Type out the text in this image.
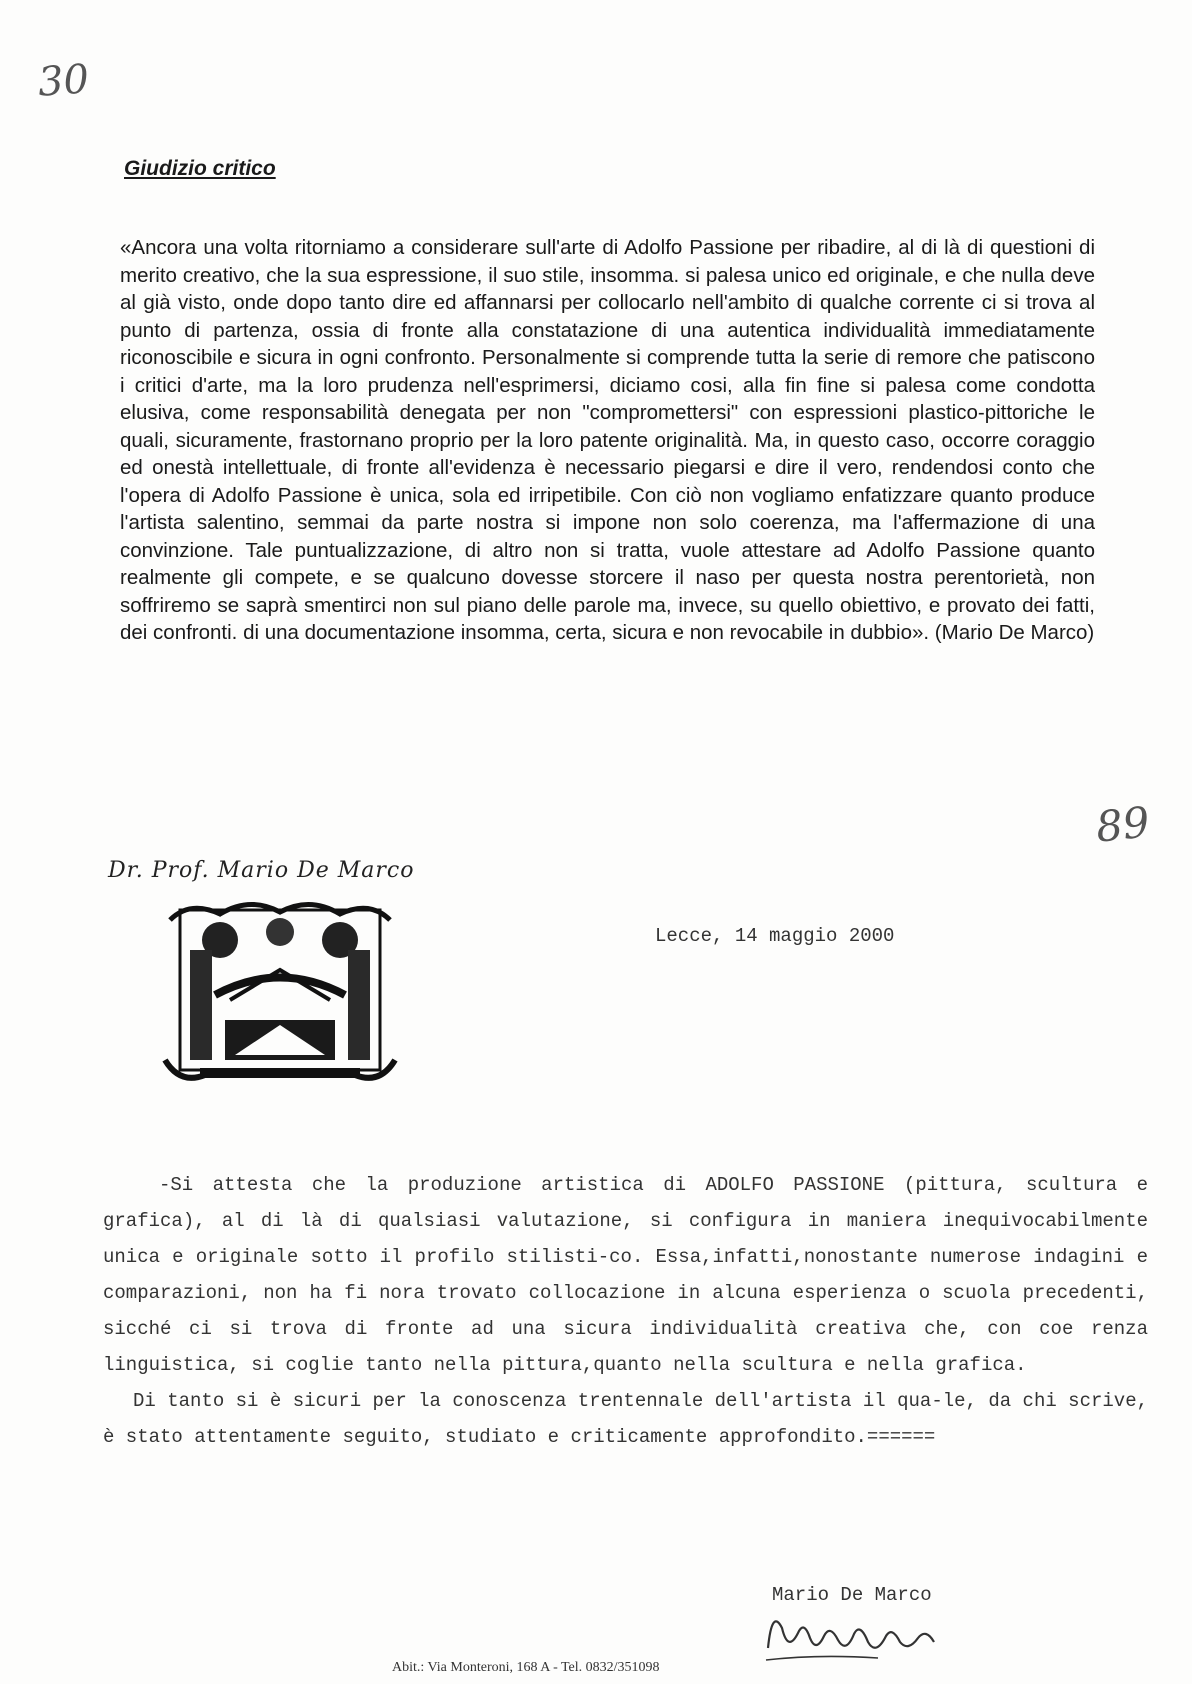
30
89
Giudizio critico

«Ancora una volta ritorniamo a considerare sull'arte di Adolfo Passione per ribadire, al di là di questioni di merito creativo, che la sua espressione, il suo stile, insomma. si palesa unico ed originale, e che nulla deve al già visto, onde dopo tanto dire ed affannarsi per collocarlo nell'ambito di qualche corrente ci si trova al punto di partenza, ossia di fronte alla constatazione di una autentica individualità immediatamente riconoscibile e sicura in ogni confronto. Personalmente si comprende tutta la serie di remore che patiscono i critici d'arte, ma la loro prudenza nell'esprimersi, diciamo cosi, alla fin fine si palesa come condotta elusiva, come responsabilità denegata per non "compromettersi" con espressioni plastico-pittoriche le quali, sicuramente, frastornano proprio per la loro patente originalità. Ma, in questo caso, occorre coraggio ed onestà intellettuale, di fronte all'evidenza è necessario piegarsi e dire il vero, rendendosi conto che l'opera di Adolfo Passione è unica, sola ed irripetibile. Con ciò non vogliamo enfatizzare quanto produce l'artista salentino, semmai da parte nostra si impone non solo coerenza, ma l'affermazione di una convinzione. Tale puntualizzazione, di altro non si tratta, vuole attestare ad Adolfo Passione quanto realmente gli compete, e se qualcuno dovesse storcere il naso per questa nostra perentorietà, non soffriremo se saprà smentirci non sul piano delle parole ma, invece, su quello obiettivo, e provato dei fatti, dei confronti. di una documentazione insomma, certa, sicura e non revocabile in dubbio». (Mario De Marco)

Dr. Prof. Mario De Marco
Lecce, 14 maggio 2000

-Si attesta che la produzione artistica di ADOLFO PASSIONE (pittura, scultura e grafica), al di là di qualsiasi valutazione, si configura in maniera inequivocabilmente unica e originale sotto il profilo stilisti-co. Essa,infatti,nonostante numerose indagini e comparazioni, non ha fi nora trovato collocazione in alcuna esperienza o scuola precedenti, sicché ci si trova di fronte ad una sicura individualità creativa che, con coe renza linguistica, si coglie tanto nella pittura,quanto nella scultura e nella grafica.

Di tanto si è sicuri per la conoscenza trentennale dell'artista il qua-le, da chi scrive, è stato attentamente seguito, studiato e criticamente approfondito.======

Mario De Marco
Abit.: Via Monteroni, 168 A - Tel. 0832/351098
